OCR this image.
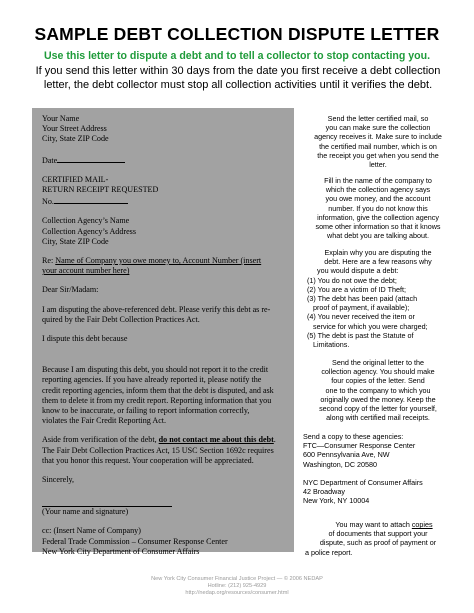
SAMPLE DEBT COLLECTION DISPUTE LETTER
Use this letter to dispute a debt and to tell a collector to stop contacting you.
If you send this letter within 30 days from the date you first receive a debt collection
letter, the debt collector must stop all collection activities until it verifies the debt.
Your Name
Your Street Address
City, State ZIP Code
Date
CERTIFIED MAIL-
RETURN RECEIPT REQUESTED
No.
Collection Agency’s Name
Collection Agency’s Address
City, State ZIP Code
Re: Name of Company you owe money to, Account Number (insert
your account number here)
Dear Sir/Madam:
I am disputing the above-referenced debt. Please verify this debt as re-
quired by the Fair Debt Collection Practices Act.
I dispute this debt because
Because I am disputing this debt, you should not report it to the credit
reporting agencies. If you have already reported it, please notify the
credit reporting agencies, inform them that the debt is disputed, and ask
them to delete it from my credit report. Reporting information that you
know to be inaccurate, or failing to report information correctly,
violates the Fair Credit Reporting Act.
Aside from verification of the debt, do not contact me about this debt.
The Fair Debt Collection Practices Act, 15 USC Section 1692c requires
that you honor this request. Your cooperation will be appreciated.
Sincerely,
(Your name and signature)
cc: (Insert Name of Company)
Federal Trade Commission – Consumer Response Center
New York City Department of Consumer Affairs
Send the letter certified mail, so
you can make sure the collection
agency receives it. Make sure to include
the certified mail number, which is on
the receipt you get when you send the
letter.
Fill in the name of the company to
which the collection agency says
you owe money, and the account
number. If you do not know this
information, give the collection agency
some other information so that it knows
what debt you are talking about.
Explain why you are disputing the
debt. Here are a few reasons why
you would dispute a debt:
(1) You do not owe the debt;
(2) You are a victim of ID Theft;
(3) The debt has been paid (attach
proof of payment, if available);
(4) You never received the item or
service for which you were charged;
(5) The debt is past the Statute of
Limitations.
Send the original letter to the
collection agency. You should make
four copies of the letter. Send
one to the company to which you
originally owed the money. Keep the
second copy of the letter for yourself,
along with certified mail receipts.
Send a copy to these agencies:
FTC—Consumer Response Center
600 Pennsylvania Ave, NW
Washington, DC 20580
NYC Department of Consumer Affairs
42 Broadway
New York, NY 10004
You may want to attach copies
of documents that support your
dispute, such as proof of payment or
a police report.
New York City Consumer Financial Justice Project — © 2006 NEDAP
Hotline: (212) 925-4929
http://nedap.org/resources/consumer.html
